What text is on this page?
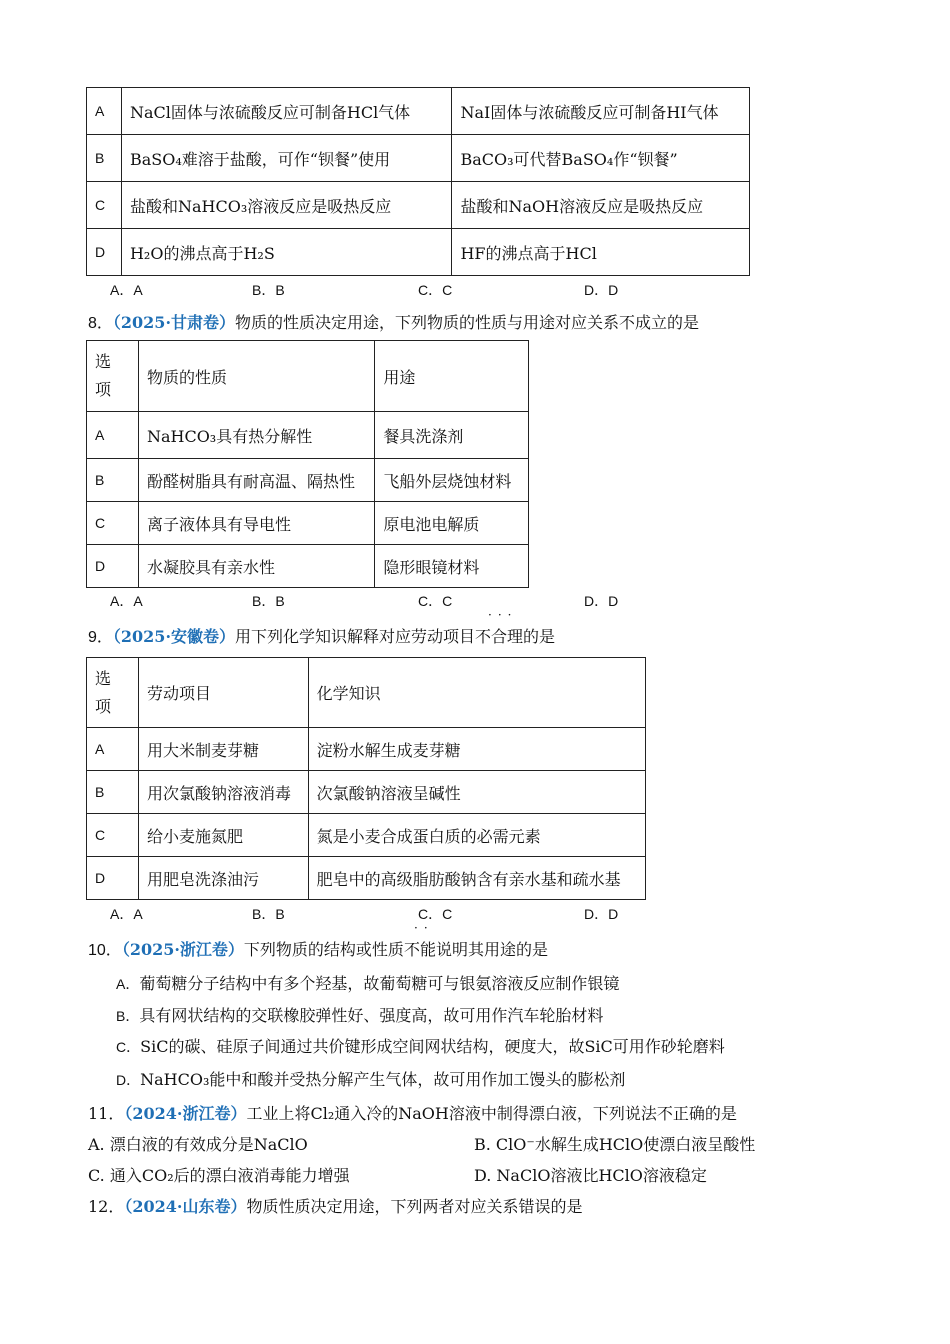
A	NaCl固体与浓硫酸反应可制备HCl气体	NaI固体与浓硫酸反应可制备HI气体
B	BaSO₄难溶于盐酸，可作“钡餐”使用	BaCO₃可代替BaSO₄作“钡餐”
C	盐酸和NaHCO₃溶液反应是吸热反应	盐酸和NaOH溶液反应是吸热反应
D	H₂O的沸点高于H₂S	HF的沸点高于HCl
A．A	B．B	C．C	D．D
8．（2025·甘肃卷）物质的性质决定用途，下列物质的性质与用途对应关系不成立的是
选项	物质的性质	用途
A	NaHCO₃具有热分解性	餐具洗涤剂
B	酚醛树脂具有耐高温、隔热性	飞船外层烧蚀材料
C	离子液体具有导电性	原电池电解质
D	水凝胶具有亲水性	隐形眼镜材料
A．A	B．B	C．C	D．D
···
9．（2025·安徽卷）用下列化学知识解释对应劳动项目不合理的是
选项	劳动项目	化学知识
A	用大米制麦芽糖	淀粉水解生成麦芽糖
B	用次氯酸钠溶液消毒	次氯酸钠溶液呈碱性
C	给小麦施氮肥	氮是小麦合成蛋白质的必需元素
D	用肥皂洗涤油污	肥皂中的高级脂肪酸钠含有亲水基和疏水基
A．A	B．B	C．C	D．D
··
10．（2025·浙江卷）下列物质的结构或性质不能说明其用途的是
A．葡萄糖分子结构中有多个羟基，故葡萄糖可与银氨溶液反应制作银镜
B．具有网状结构的交联橡胶弹性好、强度高，故可用作汽车轮胎材料
C．SiC的碳、硅原子间通过共价键形成空间网状结构，硬度大，故SiC可用作砂轮磨料
D．NaHCO₃能中和酸并受热分解产生气体，故可用作加工馒头的膨松剂
11．（2024·浙江卷）工业上将Cl₂通入冷的NaOH溶液中制得漂白液，下列说法不正确的是
A. 漂白液的有效成分是NaClO	B. ClO⁻水解生成HClO使漂白液呈酸性
C. 通入CO₂后的漂白液消毒能力增强	D. NaClO溶液比HClO溶液稳定
12．（2024·山东卷）物质性质决定用途，下列两者对应关系错误的是
